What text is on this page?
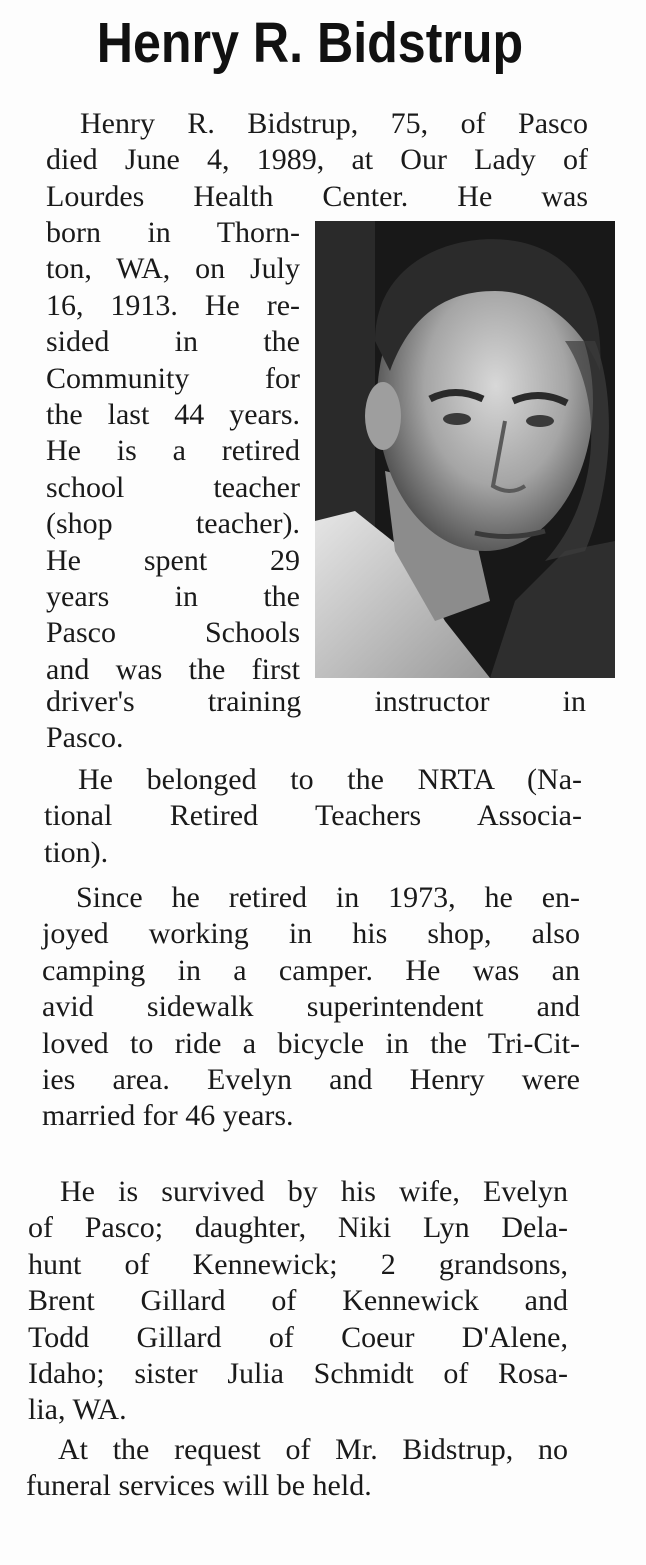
Henry R. Bidstrup
Henry R. Bidstrup, 75, of Pasco
died June 4, 1989, at Our Lady of
Lourdes Health Center. He was
born in Thorn-
ton, WA, on July
16, 1913. He re-
sided in the
Community for
the last 44 years.
He is a retired
school teacher
(shop teacher).
He spent 29
years in the
Pasco Schools
and was the first
driver's training instructor in
Pasco.
He belonged to the NRTA (Na-
tional Retired Teachers Associa-
tion).
Since he retired in 1973, he en-
joyed working in his shop, also
camping in a camper. He was an
avid sidewalk superintendent and
loved to ride a bicycle in the Tri-Cit-
ies area. Evelyn and Henry were
married for 46 years.
He is survived by his wife, Evelyn
of Pasco; daughter, Niki Lyn Dela-
hunt of Kennewick; 2 grandsons,
Brent Gillard of Kennewick and
Todd Gillard of Coeur D'Alene,
Idaho; sister Julia Schmidt of Rosa-
lia, WA.
At the request of Mr. Bidstrup, no
funeral services will be held.
